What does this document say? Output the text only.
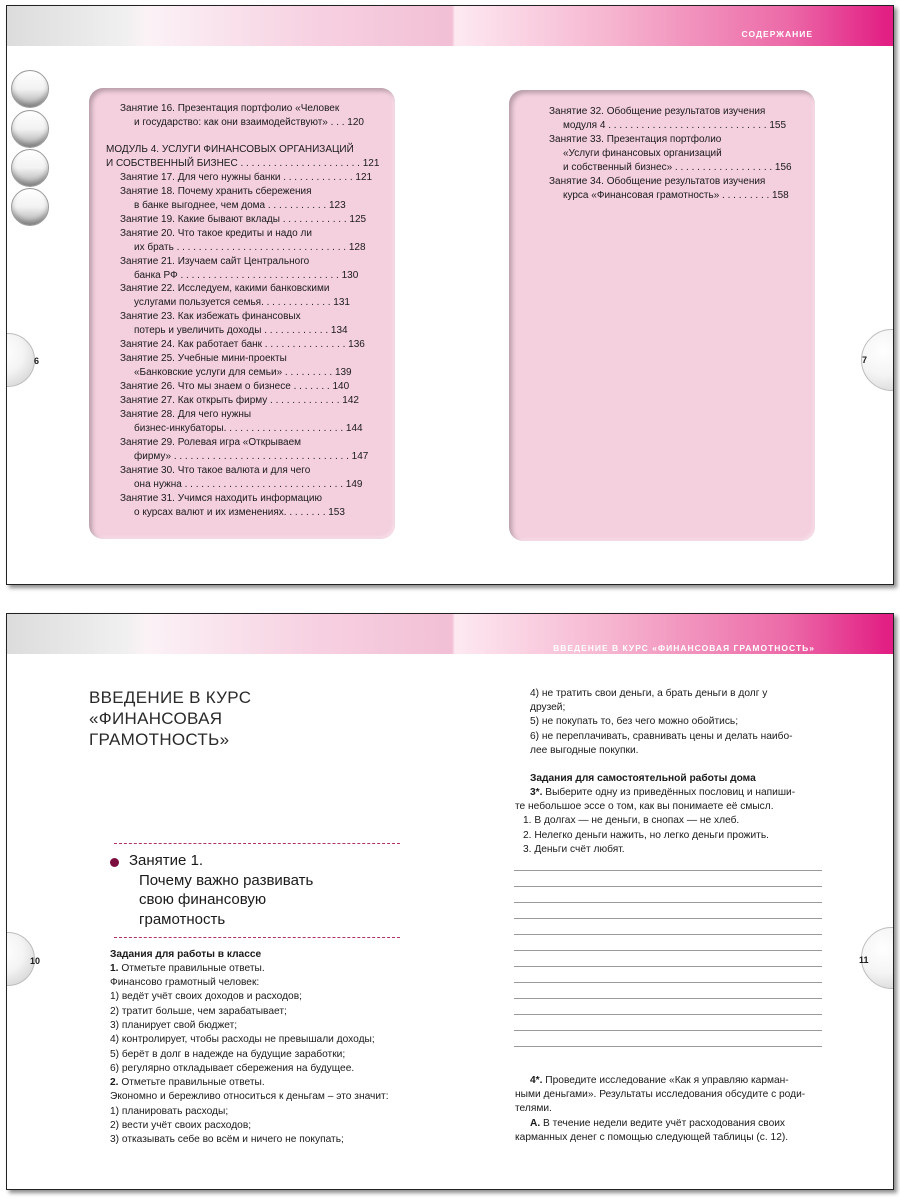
СОДЕРЖАНИЕ
6	7
Занятие 16. Презентация портфолио «Человек
и государство: как они взаимодействуют» . . . 120
МОДУЛЬ 4. УСЛУГИ ФИНАНСОВЫХ ОРГАНИЗАЦИЙ
И СОБСТВЕННЫЙ БИЗНЕС . . . . . . . . . . . . . . . . . . . . . . 121
Занятие 17. Для чего нужны банки . . . . . . . . . . . . . 121
Занятие 18. Почему хранить сбережения
в банке выгоднее, чем дома . . . . . . . . . . . 123
Занятие 19. Какие бывают вклады . . . . . . . . . . . . 125
Занятие 20. Что такое кредиты и надо ли
их брать . . . . . . . . . . . . . . . . . . . . . . . . . . . . . . . 128
Занятие 21. Изучаем сайт Центрального
банка РФ . . . . . . . . . . . . . . . . . . . . . . . . . . . . . 130
Занятие 22. Исследуем, какими банковскими
услугами пользуется семья. . . . . . . . . . . . . 131
Занятие 23. Как избежать финансовых
потерь и увеличить доходы . . . . . . . . . . . . 134
Занятие 24. Как работает банк . . . . . . . . . . . . . . . 136
Занятие 25. Учебные мини-проекты
«Банковские услуги для семьи» . . . . . . . . . 139
Занятие 26. Что мы знаем о бизнесе . . . . . . . 140
Занятие 27. Как открыть фирму . . . . . . . . . . . . . 142
Занятие 28. Для чего нужны
бизнес-инкубаторы. . . . . . . . . . . . . . . . . . . . . . 144
Занятие 29. Ролевая игра «Открываем
фирму» . . . . . . . . . . . . . . . . . . . . . . . . . . . . . . . . 147
Занятие 30. Что такое валюта и для чего
она нужна . . . . . . . . . . . . . . . . . . . . . . . . . . . . . 149
Занятие 31. Учимся находить информацию
о курсах валют и их изменениях. . . . . . . . 153
Занятие 32. Обобщение результатов изучения
модуля 4 . . . . . . . . . . . . . . . . . . . . . . . . . . . . . 155
Занятие 33. Презентация портфолио
«Услуги финансовых организаций
и собственный бизнес» . . . . . . . . . . . . . . . . . . 156
Занятие 34. Обобщение результатов изучения
курса «Финансовая грамотность» . . . . . . . . . 158
ВВЕДЕНИЕ В КУРС «ФИНАНСОВАЯ ГРАМОТНОСТЬ»
10	11
ВВЕДЕНИЕ В КУРС
«ФИНАНСОВАЯ
ГРАМОТНОСТЬ»
Занятие 1.
Почему важно развивать
свою финансовую
грамотность
Задания для работы в классе
1. Отметьте правильные ответы.
Финансово грамотный человек:
1) ведёт учёт своих доходов и расходов;
2) тратит больше, чем зарабатывает;
3) планирует свой бюджет;
4) контролирует, чтобы расходы не превышали доходы;
5) берёт в долг в надежде на будущие заработки;
6) регулярно откладывает сбережения на будущее.
2. Отметьте правильные ответы.
Экономно и бережливо относиться к деньгам – это значит:
1) планировать расходы;
2) вести учёт своих расходов;
3) отказывать себе во всём и ничего не покупать;
4) не тратить свои деньги, а брать деньги в долг у
друзей;
5) не покупать то, без чего можно обойтись;
6) не переплачивать, сравнивать цены и делать наибо-
лее выгодные покупки.
Задания для самостоятельной работы дома
3*. Выберите одну из приведённых пословиц и напиши-
те небольшое эссе о том, как вы понимаете её смысл.
1. В долгах — не деньги, в снопах — не хлеб.
2. Нелегко деньги нажить, но легко деньги прожить.
3. Деньги счёт любят.
4*. Проведите исследование «Как я управляю карман-
ными деньгами». Результаты исследования обсудите с роди-
телями.
А. В течение недели ведите учёт расходования своих
карманных денег с помощью следующей таблицы (с. 12).
